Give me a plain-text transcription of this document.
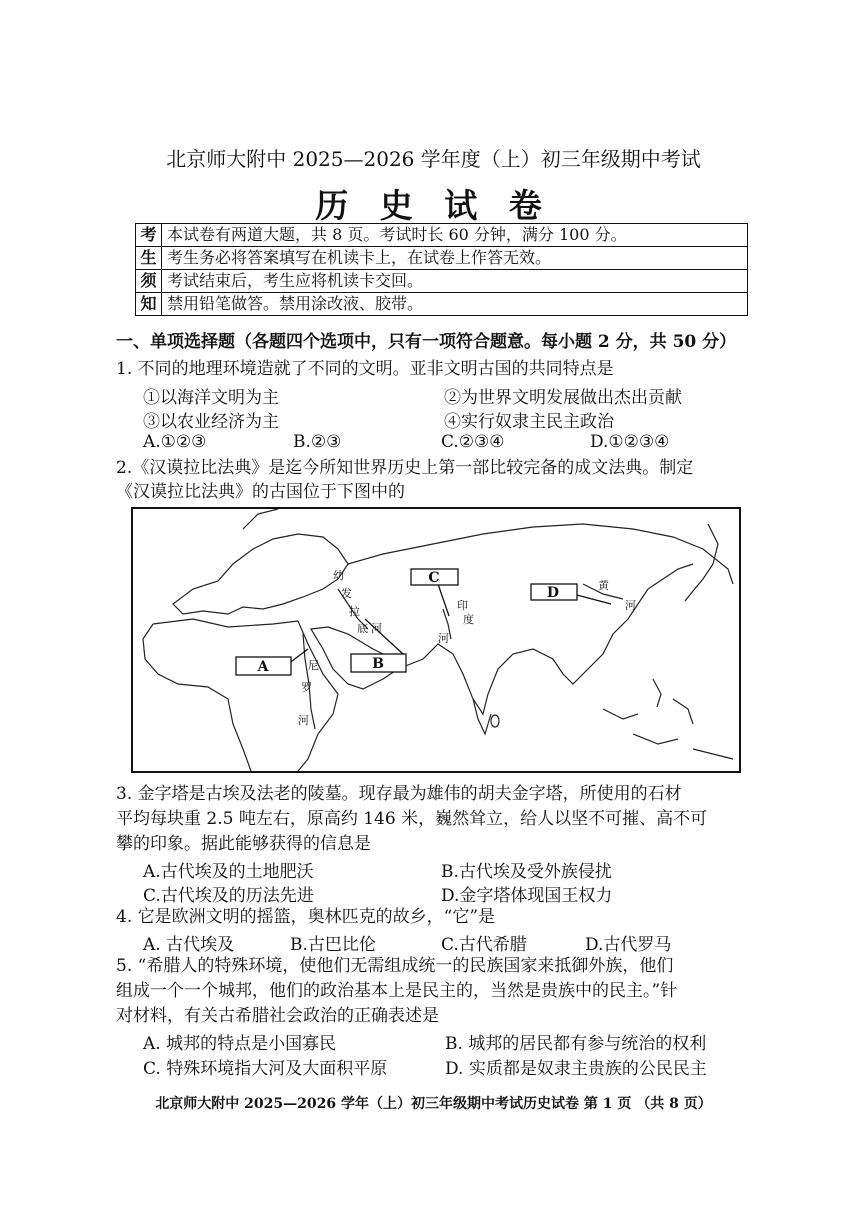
北京师大附中 2025—2026 学年度（上）初三年级期中考试
历 史 试 卷
考	本试卷有两道大题，共 8 页。考试时长 60 分钟，满分 100 分。
生	考生务必将答案填写在机读卡上，在试卷上作答无效。
须	考试结束后，考生应将机读卡交回。
知	禁用铅笔做答。禁用涂改液、胶带。
一、单项选择题（各题四个选项中，只有一项符合题意。每小题 2 分，共 50 分）
1. 不同的地理环境造就了不同的文明。亚非文明古国的共同特点是
①以海洋文明为主	②为世界文明发展做出杰出贡献
③以农业经济为主	④实行奴隶主民主政治
A.①②③	B.②③	C.②③④	D.①②③④
2.《汉谟拉比法典》是迄今所知世界历史上第一部比较完备的成文法典。制定
《汉谟拉比法典》的古国位于下图中的
尼
罗
河
幼
发
拉
底 河
印
度
河
黄
河
A	B
C
D
3. 金字塔是古埃及法老的陵墓。现存最为雄伟的胡夫金字塔，所使用的石材
平均每块重 2.5 吨左右，原高约 146 米，巍然耸立，给人以坚不可摧、高不可
攀的印象。据此能够获得的信息是
A.古代埃及的土地肥沃	B.古代埃及受外族侵扰
C.古代埃及的历法先进	D.金字塔体现国王权力
4. 它是欧洲文明的摇篮，奥林匹克的故乡，“它”是
A. 古代埃及	B.古巴比伦	C.古代希腊	D.古代罗马
5. “希腊人的特殊环境，使他们无需组成统一的民族国家来抵御外族，他们
组成一个一个城邦，他们的政治基本上是民主的，当然是贵族中的民主。”针
对材料，有关古希腊社会政治的正确表述是
A. 城邦的特点是小国寡民	B. 城邦的居民都有参与统治的权利
C. 特殊环境指大河及大面积平原	D. 实质都是奴隶主贵族的公民民主
北京师大附中 2025—2026 学年（上）初三年级期中考试历史试卷 第 1 页 （共 8 页）
